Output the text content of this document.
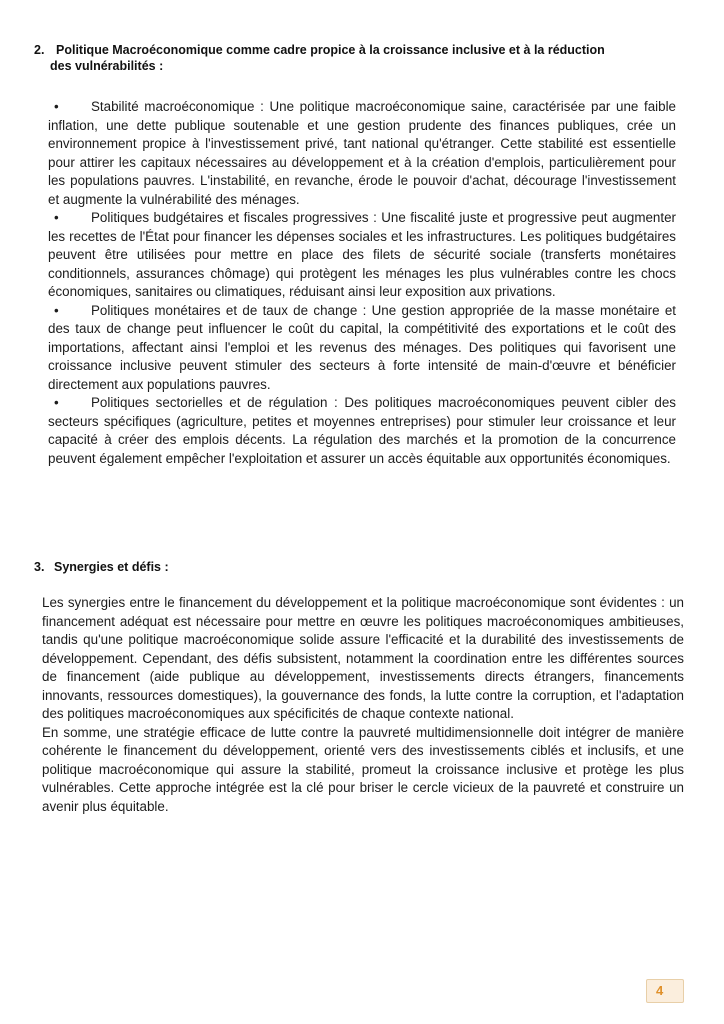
2. Politique Macroéconomique comme cadre propice à la croissance inclusive et à la réduction
des vulnérabilités :

• Stabilité macroéconomique : Une politique macroéconomique saine, caractérisée par une faible inflation, une dette publique soutenable et une gestion prudente des finances publiques, crée un environnement propice à l'investissement privé, tant national qu'étranger. Cette stabilité est essentielle pour attirer les capitaux nécessaires au développement et à la création d'emplois, particulièrement pour les populations pauvres. L'instabilité, en revanche, érode le pouvoir d'achat, décourage l'investissement et augmente la vulnérabilité des ménages.

• Politiques budgétaires et fiscales progressives : Une fiscalité juste et progressive peut augmenter les recettes de l'État pour financer les dépenses sociales et les infrastructures. Les politiques budgétaires peuvent être utilisées pour mettre en place des filets de sécurité sociale (transferts monétaires conditionnels, assurances chômage) qui protègent les ménages les plus vulnérables contre les chocs économiques, sanitaires ou climatiques, réduisant ainsi leur exposition aux privations.

• Politiques monétaires et de taux de change : Une gestion appropriée de la masse monétaire et des taux de change peut influencer le coût du capital, la compétitivité des exportations et le coût des importations, affectant ainsi l'emploi et les revenus des ménages. Des politiques qui favorisent une croissance inclusive peuvent stimuler des secteurs à forte intensité de main-d'œuvre et bénéficier directement aux populations pauvres.

• Politiques sectorielles et de régulation : Des politiques macroéconomiques peuvent cibler des secteurs spécifiques (agriculture, petites et moyennes entreprises) pour stimuler leur croissance et leur capacité à créer des emplois décents. La régulation des marchés et la promotion de la concurrence peuvent également empêcher l'exploitation et assurer un accès équitable aux opportunités économiques.

3. Synergies et défis :

Les synergies entre le financement du développement et la politique macroéconomique sont évidentes : un financement adéquat est nécessaire pour mettre en œuvre les politiques macroéconomiques ambitieuses, tandis qu'une politique macroéconomique solide assure l'efficacité et la durabilité des investissements de développement. Cependant, des défis subsistent, notamment la coordination entre les différentes sources de financement (aide publique au développement, investissements directs étrangers, financements innovants, ressources domestiques), la gouvernance des fonds, la lutte contre la corruption, et l'adaptation des politiques macroéconomiques aux spécificités de chaque contexte national.

En somme, une stratégie efficace de lutte contre la pauvreté multidimensionnelle doit intégrer de manière cohérente le financement du développement, orienté vers des investissements ciblés et inclusifs, et une politique macroéconomique qui assure la stabilité, promeut la croissance inclusive et protège les plus vulnérables. Cette approche intégrée est la clé pour briser le cercle vicieux de la pauvreté et construire un avenir plus équitable.

4
